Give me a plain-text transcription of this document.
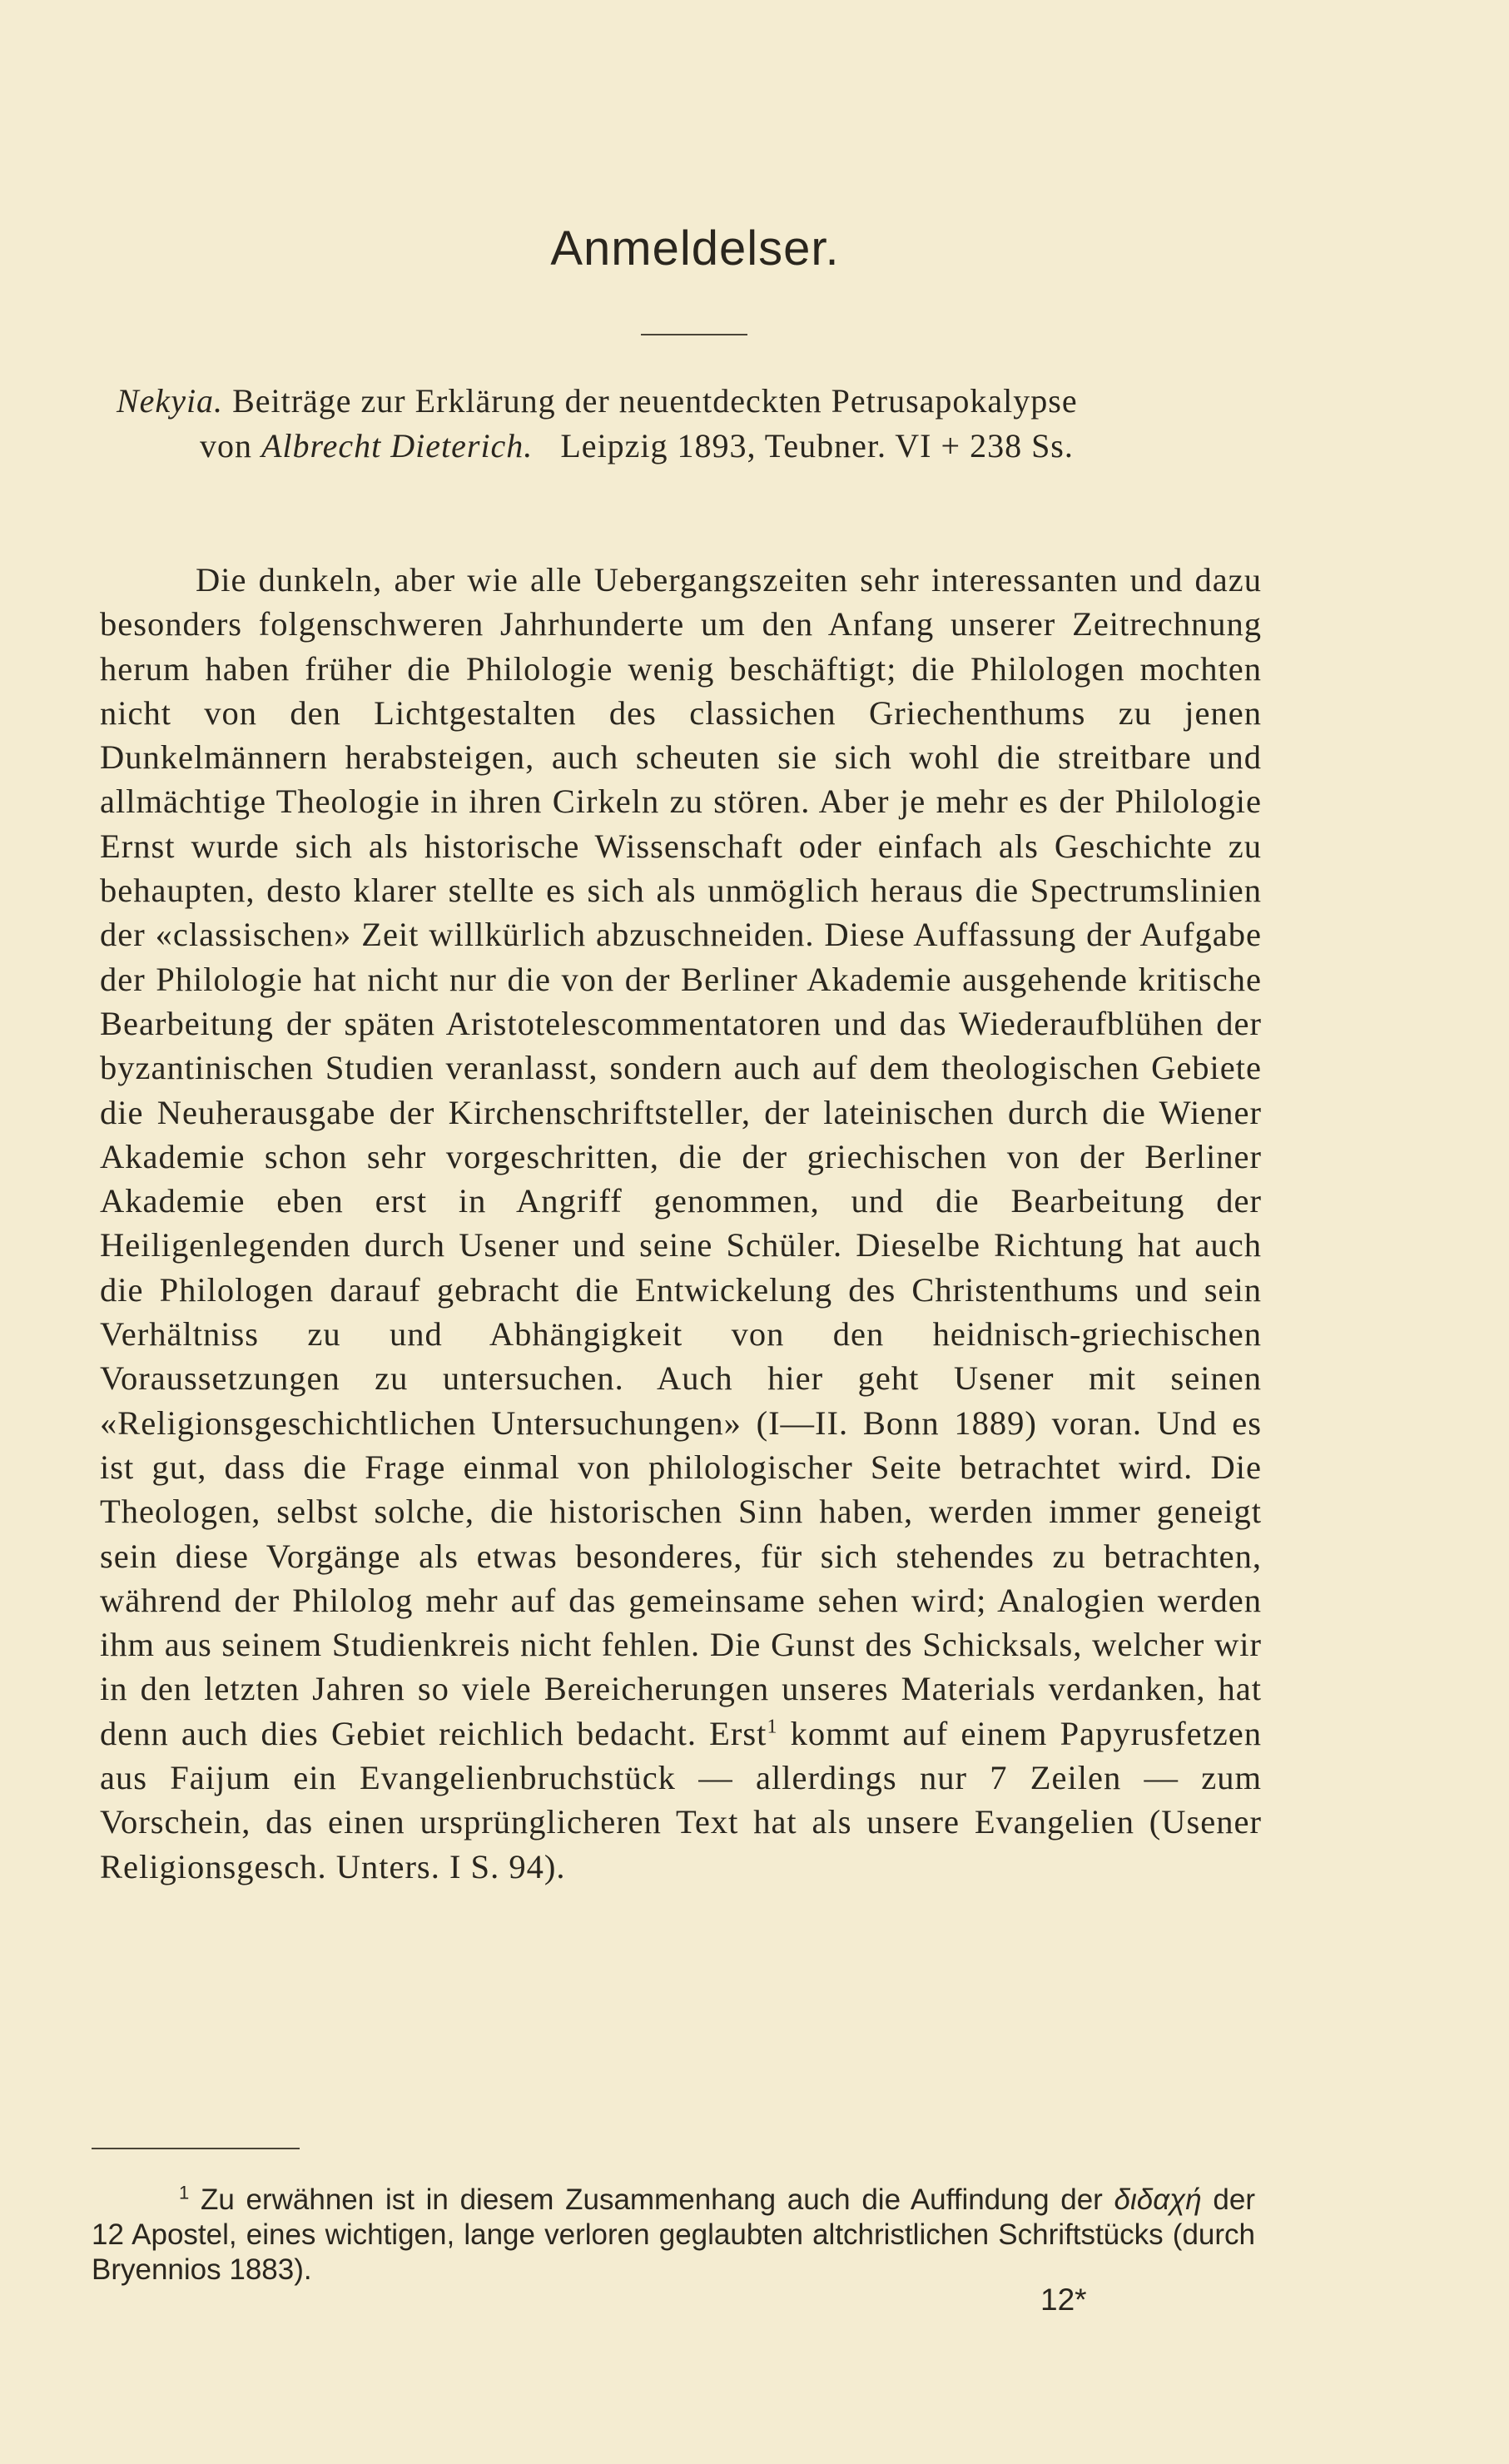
Anmeldelser.
Nekyia. Beiträge zur Erklärung der neuentdeckten Petrusapokalypse
von Albrecht Dieterich. Leipzig 1893, Teubner. VI + 238 Ss.

Die dunkeln, aber wie alle Uebergangszeiten sehr interessanten und dazu besonders folgenschweren Jahrhunderte um den Anfang unserer Zeitrechnung herum haben früher die Philologie wenig beschäftigt; die Philologen mochten nicht von den Lichtgestalten des classichen Griechenthums zu jenen Dunkelmännern herabsteigen, auch scheuten sie sich wohl die streitbare und allmächtige Theologie in ihren Cirkeln zu stören. Aber je mehr es der Philologie Ernst wurde sich als historische Wissenschaft oder einfach als Geschichte zu behaupten, desto klarer stellte es sich als unmöglich heraus die Spectrumslinien der «classischen» Zeit willkürlich abzuschneiden. Diese Auffassung der Aufgabe der Philologie hat nicht nur die von der Berliner Akademie ausgehende kritische Bearbeitung der späten Aristotelescommentatoren und das Wiederaufblühen der byzantinischen Studien veranlasst, sondern auch auf dem theologischen Gebiete die Neuherausgabe der Kirchenschriftsteller, der lateinischen durch die Wiener Akademie schon sehr vorgeschritten, die der griechischen von der Berliner Akademie eben erst in Angriff genommen, und die Bearbeitung der Heiligenlegenden durch Usener und seine Schüler. Dieselbe Richtung hat auch die Philologen darauf gebracht die Entwickelung des Christenthums und sein Verhältniss zu und Abhängigkeit von den heidnisch-griechischen Voraussetzungen zu untersuchen. Auch hier geht Usener mit seinen «Religionsgeschichtlichen Untersuchungen» (I—II. Bonn 1889) voran. Und es ist gut, dass die Frage einmal von philologischer Seite betrachtet wird. Die Theologen, selbst solche, die historischen Sinn haben, werden immer geneigt sein diese Vorgänge als etwas besonderes, für sich stehendes zu betrachten, während der Philolog mehr auf das gemeinsame sehen wird; Analogien werden ihm aus seinem Studienkreis nicht fehlen. Die Gunst des Schicksals, welcher wir in den letzten Jahren so viele Bereicherungen unseres Materials verdanken, hat denn auch dies Gebiet reichlich bedacht. Erst$^1$ kommt auf einem Papyrusfetzen aus Faijum ein Evangelienbruchstück — allerdings nur 7 Zeilen — zum Vorschein, das einen ursprünglicheren Text hat als unsere Evangelien (Usener Religionsgesch. Unters. I S. 94).

$^1$ Zu erwähnen ist in diesem Zusammenhang auch die Auffindung der διδαχή der 12 Apostel, eines wichtigen, lange verloren geglaubten altchristlichen Schriftstücks (durch Bryennios 1883).

12*
